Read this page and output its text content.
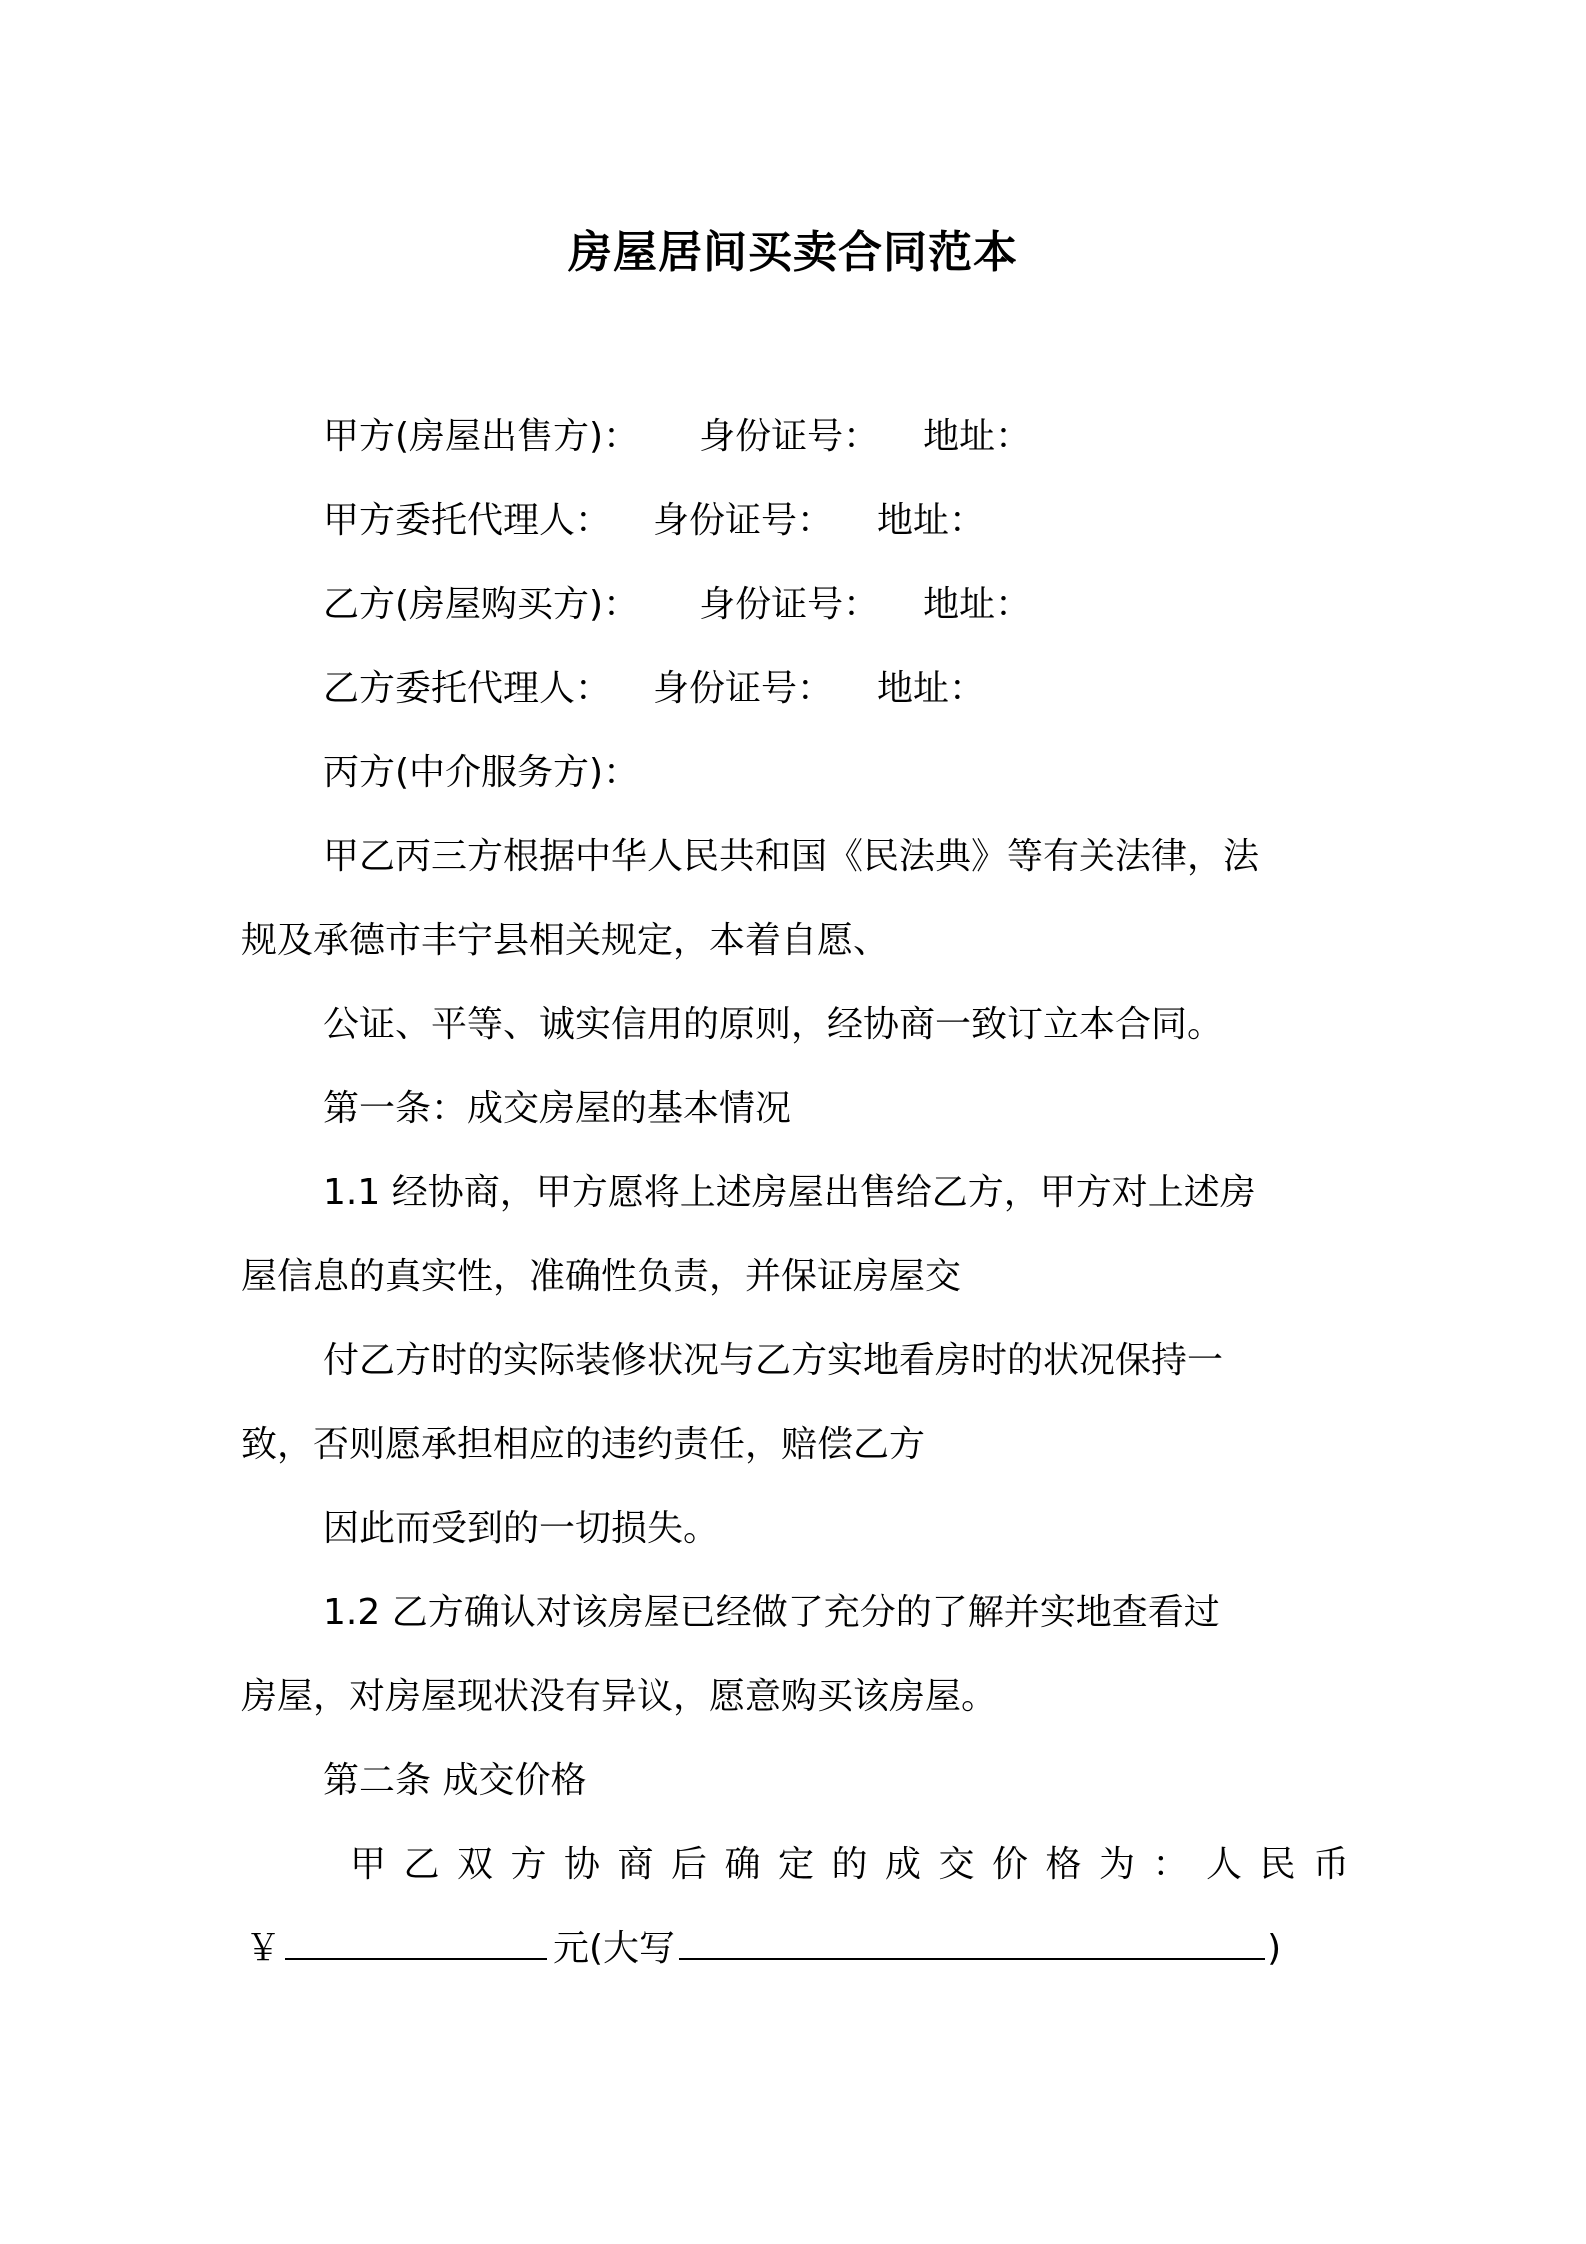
房屋居间买卖合同范本
甲方(房屋出售方)： 身份证号： 地址：
甲方委托代理人： 身份证号： 地址：
乙方(房屋购买方)： 身份证号： 地址：
乙方委托代理人： 身份证号： 地址：
丙方(中介服务方)：
甲乙丙三方根据中华人民共和国《民法典》等有关法律，法
规及承德市丰宁县相关规定，本着自愿、
公证、平等、诚实信用的原则，经协商一致订立本合同。
第一条：成交房屋的基本情况
1.1 经协商，甲方愿将上述房屋出售给乙方，甲方对上述房
屋信息的真实性，准确性负责，并保证房屋交
付乙方时的实际装修状况与乙方实地看房时的状况保持一
致，否则愿承担相应的违约责任，赔偿乙方
因此而受到的一切损失。
1.2 乙方确认对该房屋已经做了充分的了解并实地查看过
房屋，对房屋现状没有异议，愿意购买该房屋。
第二条 成交价格
甲乙双方协商后确定的成交价格为：人民币
￥	元(大写	)
